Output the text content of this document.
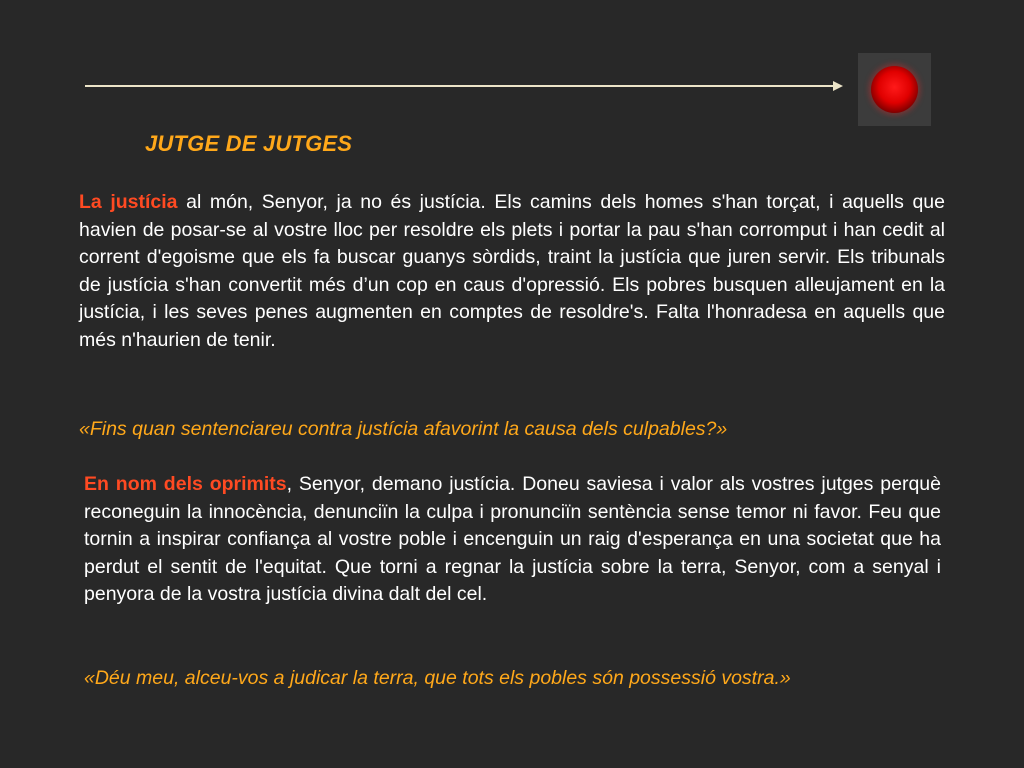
JUTGE DE JUTGES

La justícia al món, Senyor, ja no és justícia. Els camins dels homes s'han torçat, i aquells que havien de posar-se al vostre lloc per resoldre els plets i portar la pau s'han corromput i han cedit al corrent d'egoisme que els fa buscar guanys sòrdids, traint la justícia que juren servir. Els tribunals de justícia s'han convertit més d’un cop en caus d'opressió. Els pobres busquen alleujament en la justícia, i les seves penes augmenten en comptes de resoldre's. Falta l'honradesa en aquells que més n'haurien de tenir.

«Fins quan sentenciareu contra justícia afavorint la causa dels culpables?»

En nom dels oprimits, Senyor, demano justícia. Doneu saviesa i valor als vostres jutges perquè reconeguin la innocència, denunciïn la culpa i pronunciïn sentència sense temor ni favor. Feu que tornin a inspirar confiança al vostre poble i encenguin un raig d'esperança en una societat que ha perdut el sentit de l'equitat. Que torni a regnar la justícia sobre la terra, Senyor, com a senyal i penyora de la vostra justícia divina dalt del cel.

«Déu meu, alceu-vos a judicar la terra, que tots els pobles són possessió vostra.»
